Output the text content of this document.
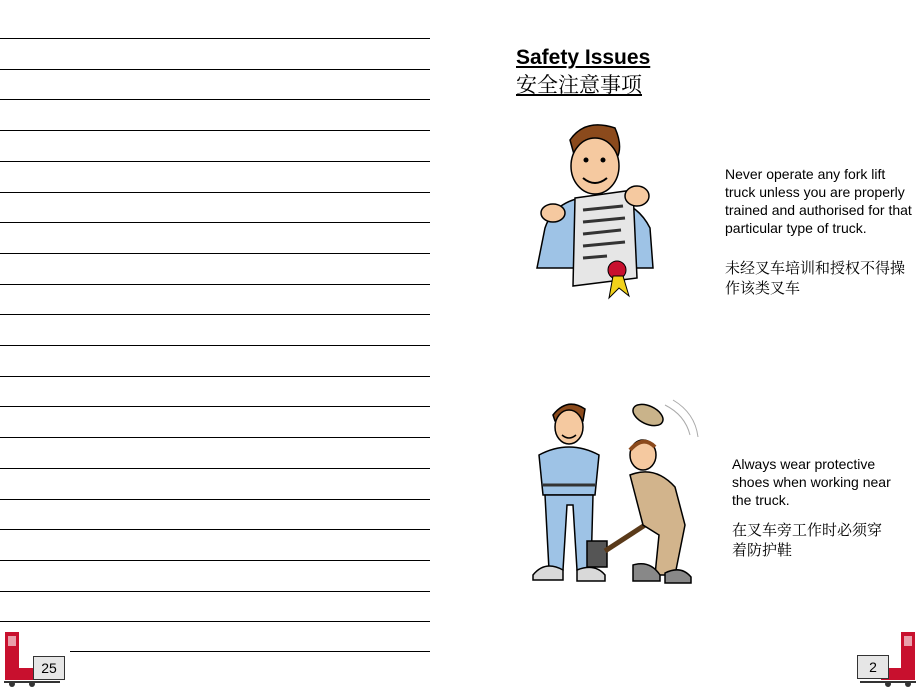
25
Safety Issues
安全注意事项
Never operate any fork lift truck unless you are properly trained and authorised for that particular type of truck.
未经叉车培训和授权不得操作该类叉车
Always wear protective shoes when working near the truck.
在叉车旁工作时必须穿着防护鞋
2
